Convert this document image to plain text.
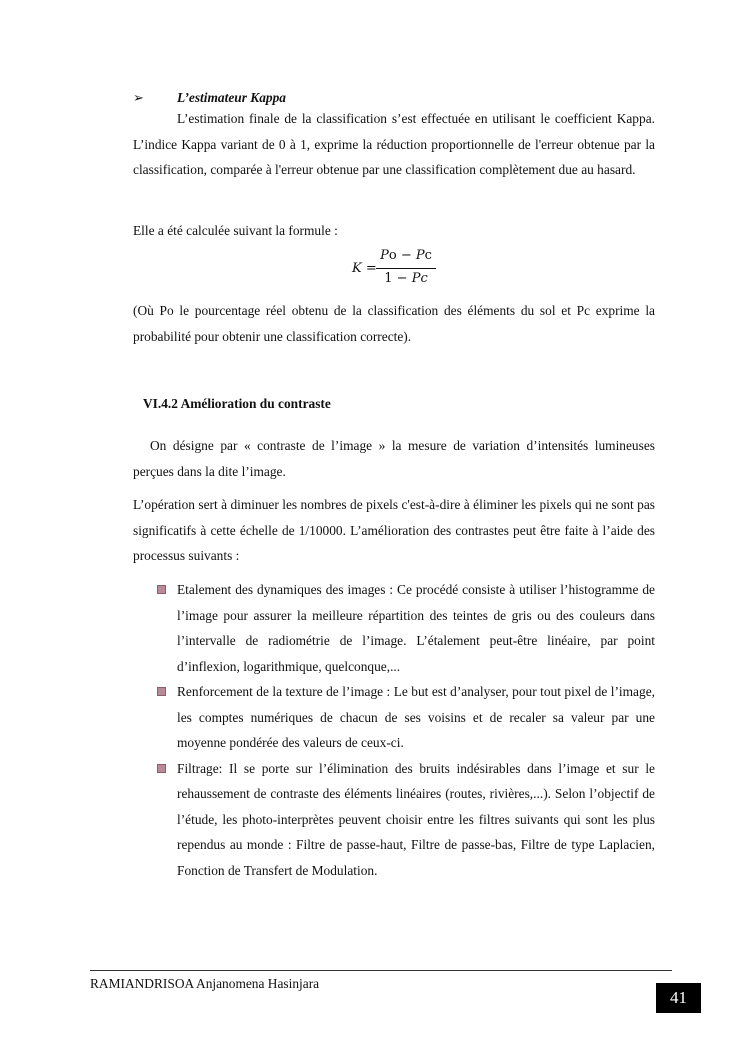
➢ L’estimateur Kappa

L’estimation finale de la classification s’est effectuée en utilisant le coefficient Kappa. L’indice Kappa variant de 0 à 1, exprime la réduction proportionnelle de l'erreur obtenue par la classification, comparée à l'erreur obtenue par une classification complètement due au hasard.

Elle a été calculée suivant la formule :

K =
Po − Pc
1 − Pc

(Où Po le pourcentage réel obtenu de la classification des éléments du sol et Pc exprime la probabilité pour obtenir une classification correcte).

VI.4.2 Amélioration du contraste

On désigne par « contraste de l’image » la mesure de variation d’intensités lumineuses perçues dans la dite l’image.

L’opération sert à diminuer les nombres de pixels c'est-à-dire à éliminer les pixels qui ne sont pas significatifs à cette échelle de 1/10000. L’amélioration des contrastes peut être faite à l’aide des processus suivants :

Etalement des dynamiques des images : Ce procédé consiste à utiliser l’histogramme de l’image pour assurer la meilleure répartition des teintes de gris ou des couleurs dans l’intervalle de radiométrie de l’image. L’étalement peut-être linéaire, par point d’inflexion, logarithmique, quelconque,...
Renforcement de la texture de l’image : Le but est d’analyser, pour tout pixel de l’image, les comptes numériques de chacun de ses voisins et de recaler sa valeur par une moyenne pondérée des valeurs de ceux-ci.
Filtrage: Il se porte sur l’élimination des bruits indésirables dans l’image et sur le rehaussement de contraste des éléments linéaires (routes, rivières,...). Selon l’objectif de l’étude, les photo-interprètes peuvent choisir entre les filtres suivants qui sont les plus rependus au monde : Filtre de passe-haut, Filtre de passe-bas, Filtre de type Laplacien, Fonction de Transfert de Modulation.
RAMIANDRISOA Anjanomena Hasinjara
41
